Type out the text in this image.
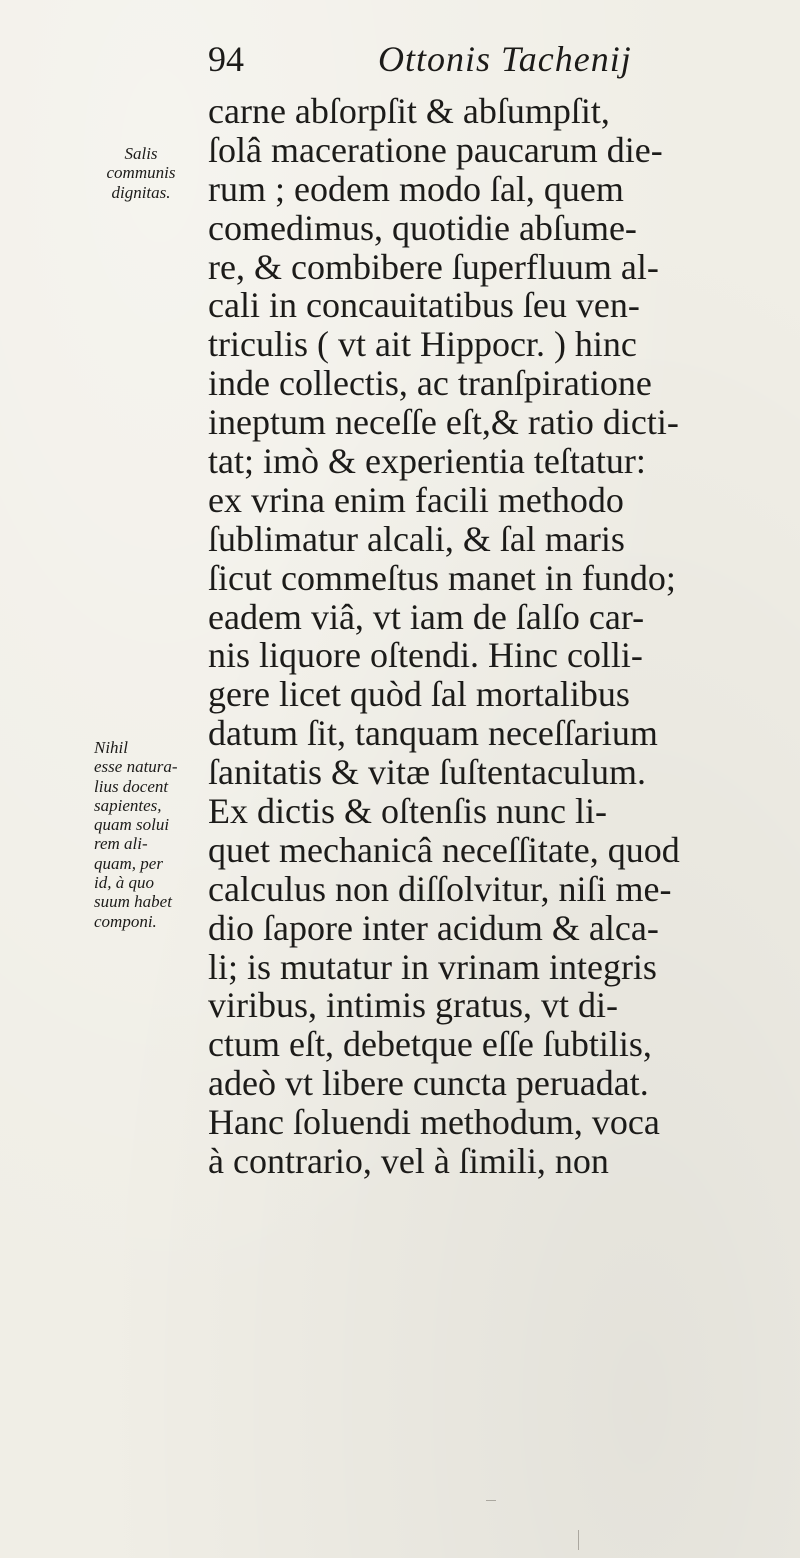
94	Ottonis Tachenij
Salis
communis
dignitas.
Nihil
esse natura-
lius docent
sapientes,
quam solui
rem ali-
quam, per
id, à quo
suum habet
componi.
carne abſorpſit & abſumpſit,
ſolâ maceratione paucarum die-
rum ; eodem modo ſal, quem
comedimus, quotidie abſume-
re, & combibere ſuperfluum al-
cali in concauitatibus ſeu ven-
triculis ( vt ait Hippocr. ) hinc
inde collectis, ac tranſpiratione
ineptum neceſſe eſt,& ratio dicti-
tat; imò & experientia teſtatur:
ex vrina enim facili methodo
ſublimatur alcali, & ſal maris
ſicut commeſtus manet in fundo;
eadem viâ, vt iam de ſalſo car-
nis liquore oſtendi. Hinc colli-
gere licet quòd ſal mortalibus
datum ſit, tanquam neceſſarium
ſanitatis & vitæ ſuſtentaculum.
Ex dictis & oſtenſis nunc li-
quet mechanicâ neceſſitate, quod
calculus non diſſolvitur, niſi me-
dio ſapore inter acidum & alca-
li; is mutatur in vrinam integris
viribus, intimis gratus, vt di-
ctum eſt, debetque eſſe ſubtilis,
adeò vt libere cuncta peruadat.
Hanc ſoluendi methodum, voca
à contrario, vel à ſimili, non
